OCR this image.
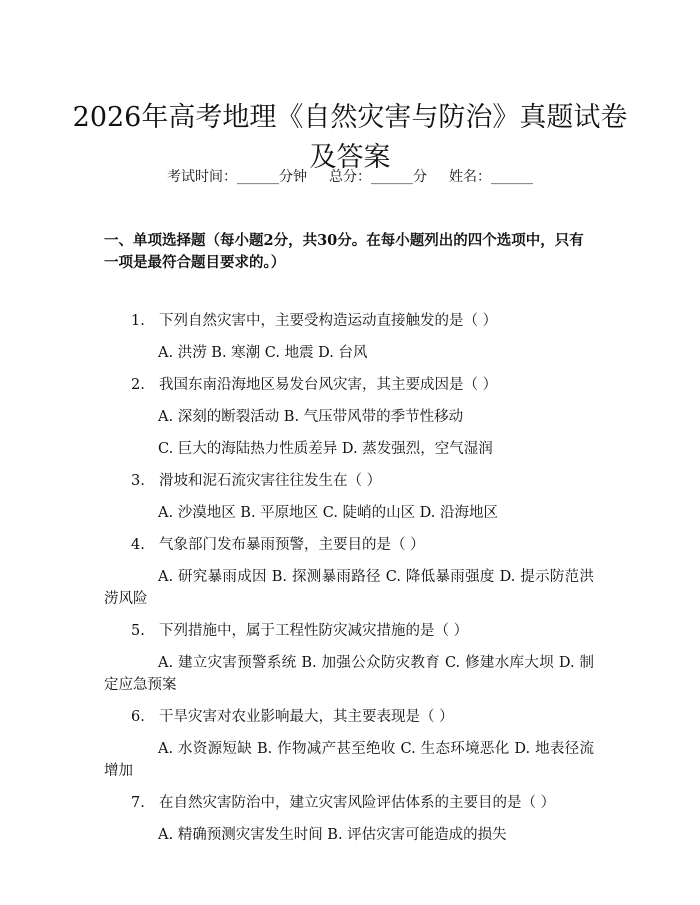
2026年高考地理《自然灾害与防治》真题试卷及答案
考试时间：______分钟 总分：______分 姓名：______

一、单项选择题（每小题2分，共30分。在每小题列出的四个选项中，只有一项是最符合题目要求的。）

1. 下列自然灾害中，主要受构造运动直接触发的是（ ）

A. 洪涝 B. 寒潮 C. 地震 D. 台风

2. 我国东南沿海地区易发台风灾害，其主要成因是（ ）

A. 深刻的断裂活动 B. 气压带风带的季节性移动

C. 巨大的海陆热力性质差异 D. 蒸发强烈，空气湿润

3. 滑坡和泥石流灾害往往发生在（ ）

A. 沙漠地区 B. 平原地区 C. 陡峭的山区 D. 沿海地区

4. 气象部门发布暴雨预警，主要目的是（ ）

A. 研究暴雨成因 B. 探测暴雨路径 C. 降低暴雨强度 D. 提示防范洪涝风险

5. 下列措施中，属于工程性防灾减灾措施的是（ ）

A. 建立灾害预警系统 B. 加强公众防灾教育 C. 修建水库大坝 D. 制定应急预案

6. 干旱灾害对农业影响最大，其主要表现是（ ）

A. 水资源短缺 B. 作物减产甚至绝收 C. 生态环境恶化 D. 地表径流增加

7. 在自然灾害防治中，建立灾害风险评估体系的主要目的是（ ）

A. 精确预测灾害发生时间 B. 评估灾害可能造成的损失
